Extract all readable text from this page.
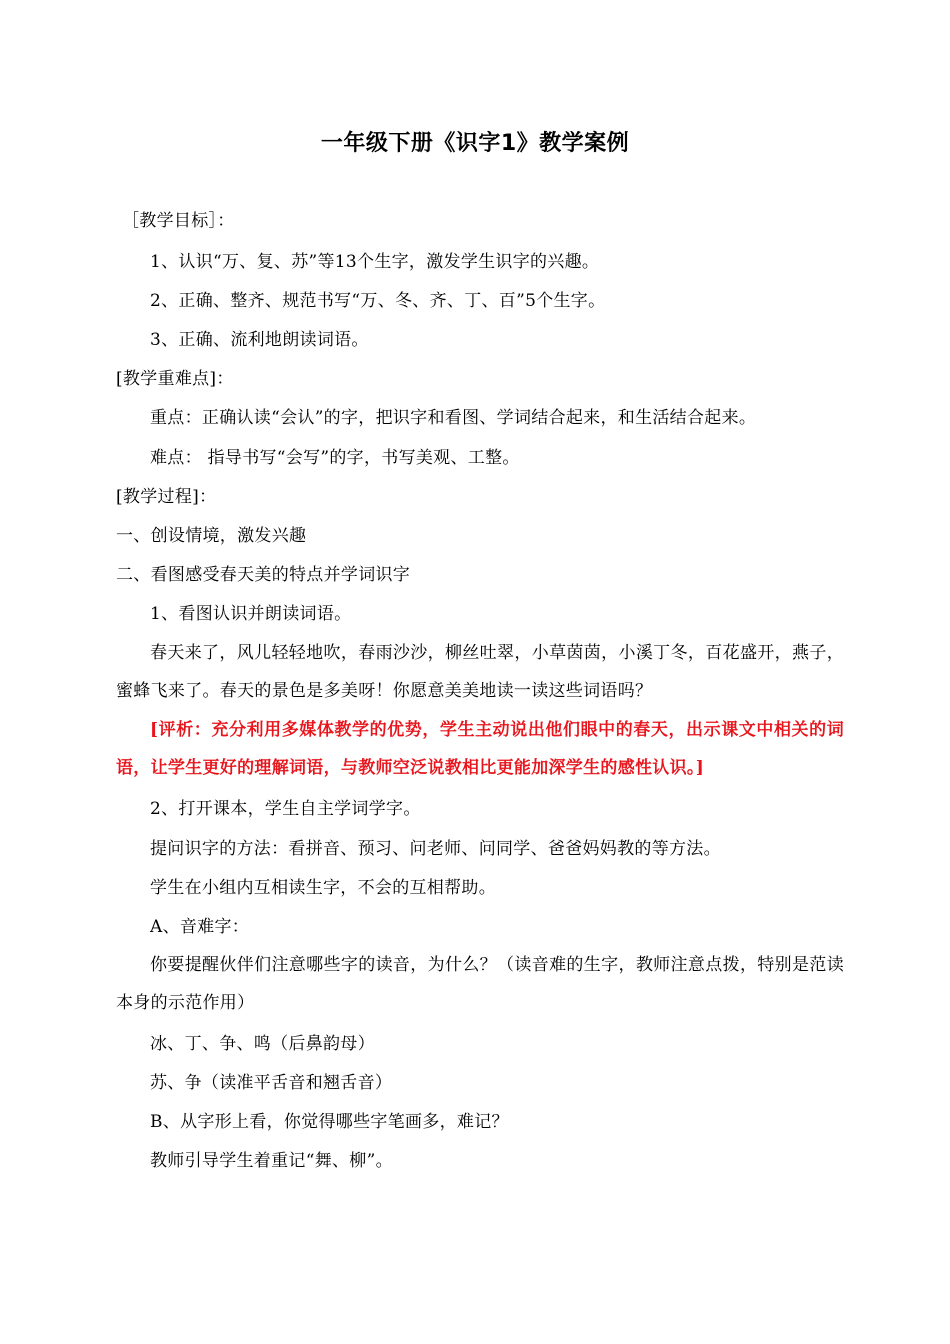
一年级下册《识字1》教学案例
［教学目标］：
1、认识“万、复、苏”等13个生字，激发学生识字的兴趣。
2、正确、整齐、规范书写“万、冬、齐、丁、百”5个生字。
3、正确、流利地朗读词语。
[教学重难点]：
重点：正确认读“会认”的字，把识字和看图、学词结合起来，和生活结合起来。
难点： 指导书写“会写”的字，书写美观、工整。
[教学过程]：
一、创设情境，激发兴趣
二、看图感受春天美的特点并学词识字
1、看图认识并朗读词语。
春天来了，风儿轻轻地吹，春雨沙沙，柳丝吐翠，小草茵茵，小溪丁冬，百花盛开，燕子，蜜蜂飞来了。春天的景色是多美呀！你愿意美美地读一读这些词语吗？
[评析：充分利用多媒体教学的优势，学生主动说出他们眼中的春天，出示课文中相关的词语，让学生更好的理解词语，与教师空泛说教相比更能加深学生的感性认识。]
2、打开课本，学生自主学词学字。
提问识字的方法：看拼音、预习、问老师、问同学、爸爸妈妈教的等方法。
学生在小组内互相读生字，不会的互相帮助。
A、音难字：
你要提醒伙伴们注意哪些字的读音，为什么？（读音难的生字，教师注意点拨，特别是范读本身的示范作用）
冰、丁、争、鸣（后鼻韵母）
苏、争（读准平舌音和翘舌音）
B、从字形上看，你觉得哪些字笔画多，难记？
教师引导学生着重记“舞、柳”。
